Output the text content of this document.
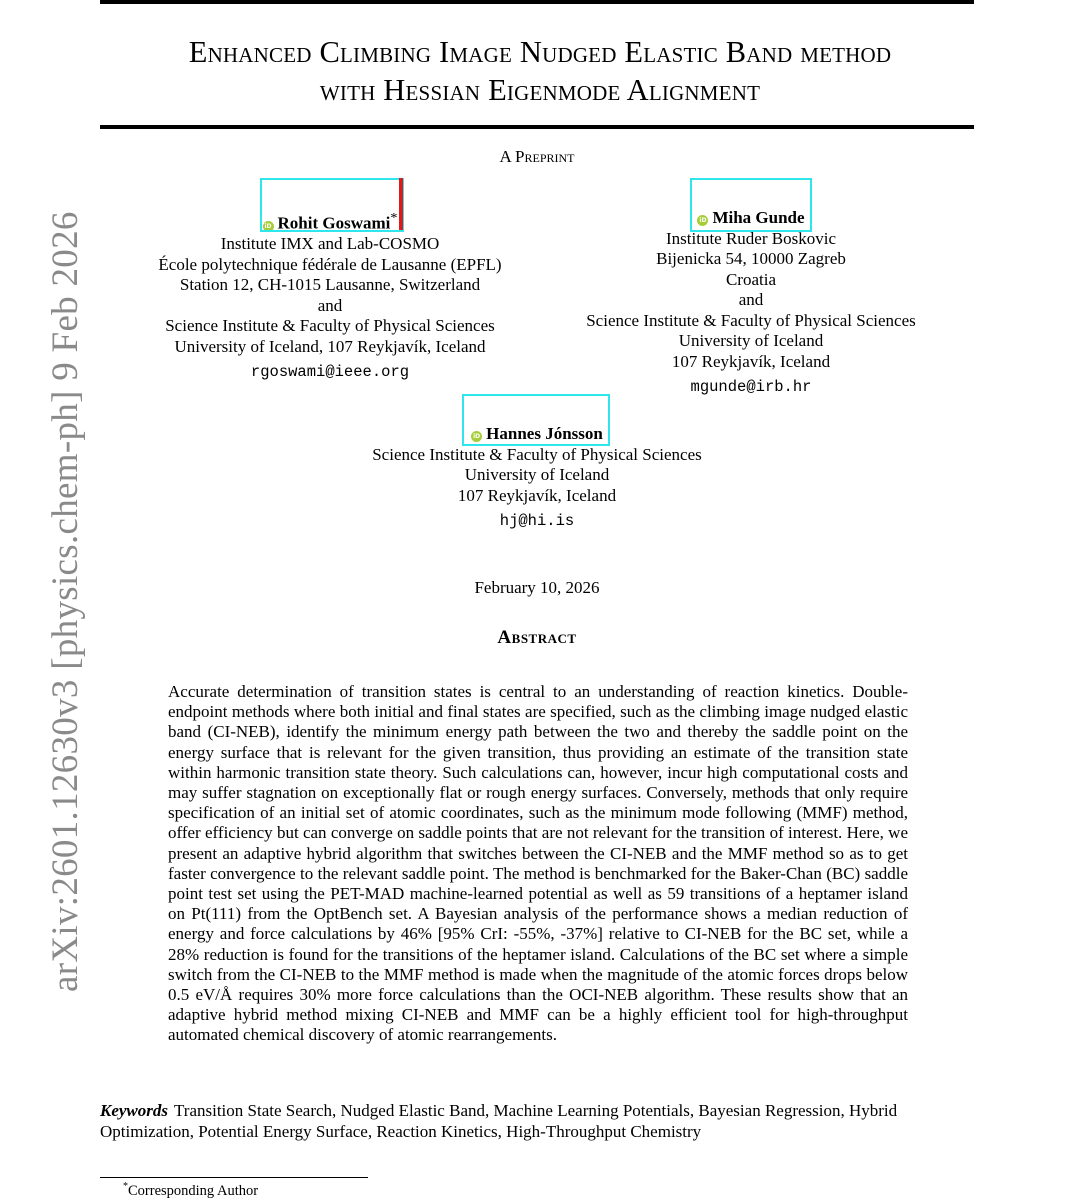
arXiv:2601.12630v3 [physics.chem-ph] 9 Feb 2026
Enhanced Climbing Image Nudged Elastic Band method
with Hessian Eigenmode Alignment
A Preprint
iD Rohit Goswami*
Institute IMX and Lab-COSMO
École polytechnique fédérale de Lausanne (EPFL)
Station 12, CH-1015 Lausanne, Switzerland
and
Science Institute & Faculty of Physical Sciences
University of Iceland, 107 Reykjavík, Iceland
rgoswami@ieee.org
iD Miha Gunde
Institute Ruder Boskovic
Bijenicka 54, 10000 Zagreb
Croatia
and
Science Institute & Faculty of Physical Sciences
University of Iceland
107 Reykjavík, Iceland
mgunde@irb.hr
iD Hannes Jónsson
Science Institute & Faculty of Physical Sciences
University of Iceland
107 Reykjavík, Iceland
hj@hi.is
February 10, 2026
Abstract
Accurate determination of transition states is central to an understanding of reaction kinetics. Double-endpoint methods where both initial and final states are specified, such as the climbing image nudged elastic band (CI-NEB), identify the minimum energy path between the two and thereby the saddle point on the energy surface that is relevant for the given transition, thus providing an estimate of the transition state within harmonic transition state theory. Such calculations can, however, incur high computational costs and may suffer stagnation on exceptionally flat or rough energy surfaces. Conversely, methods that only require specification of an initial set of atomic coordinates, such as the minimum mode following (MMF) method, offer efficiency but can converge on saddle points that are not relevant for the transition of interest. Here, we present an adaptive hybrid algorithm that switches between the CI-NEB and the MMF method so as to get faster convergence to the relevant saddle point. The method is benchmarked for the Baker-Chan (BC) saddle point test set using the PET-MAD machine-learned potential as well as 59 transitions of a heptamer island on Pt(111) from the OptBench set. A Bayesian analysis of the performance shows a median reduction of energy and force calculations by 46% [95% CrI: -55%, -37%] relative to CI-NEB for the BC set, while a 28% reduction is found for the transitions of the heptamer island. Calculations of the BC set where a simple switch from the CI-NEB to the MMF method is made when the magnitude of the atomic forces drops below 0.5 eV/Å requires 30% more force calculations than the OCI-NEB algorithm. These results show that an adaptive hybrid method mixing CI-NEB and MMF can be a highly efficient tool for high-throughput automated chemical discovery of atomic rearrangements.
Keywords Transition State Search, Nudged Elastic Band, Machine Learning Potentials, Bayesian Regression, Hybrid Optimization, Potential Energy Surface, Reaction Kinetics, High-Throughput Chemistry
*Corresponding Author
